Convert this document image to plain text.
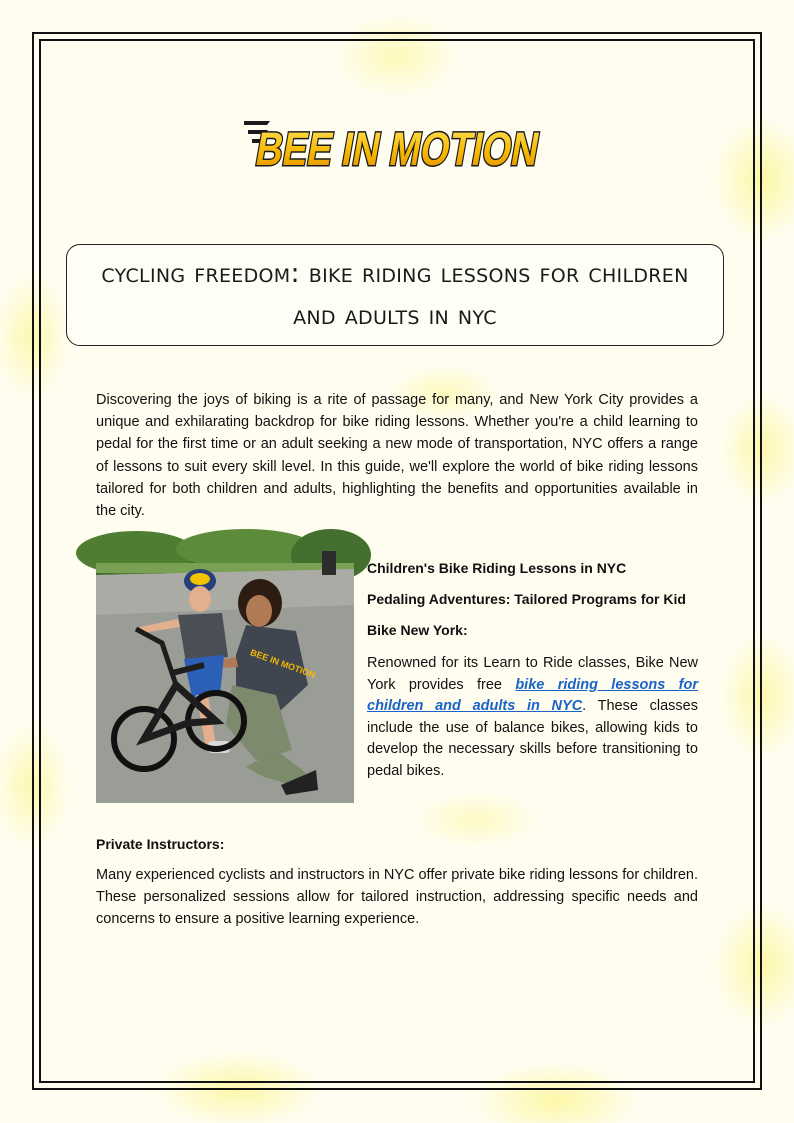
BEE IN MOTION
cycling freedom: bike riding lessons for children and adults in nyc

Discovering the joys of biking is a rite of passage for many, and New York City provides a unique and exhilarating backdrop for bike riding lessons. Whether you're a child learning to pedal for the first time or an adult seeking a new mode of transportation, NYC offers a range of lessons to suit every skill level. In this guide, we'll explore the world of bike riding lessons tailored for both children and adults, highlighting the benefits and opportunities available in the city.

BEE IN MOTION

Children's Bike Riding Lessons in NYC

Pedaling Adventures: Tailored Programs for Kid

Bike New York:

Renowned for its Learn to Ride classes, Bike New York provides free bike riding lessons for children and adults in NYC. These classes include the use of balance bikes, allowing kids to develop the necessary skills before transitioning to pedal bikes.

Private Instructors:

Many experienced cyclists and instructors in NYC offer private bike riding lessons for children. These personalized sessions allow for tailored instruction, addressing specific needs and concerns to ensure a positive learning experience.
